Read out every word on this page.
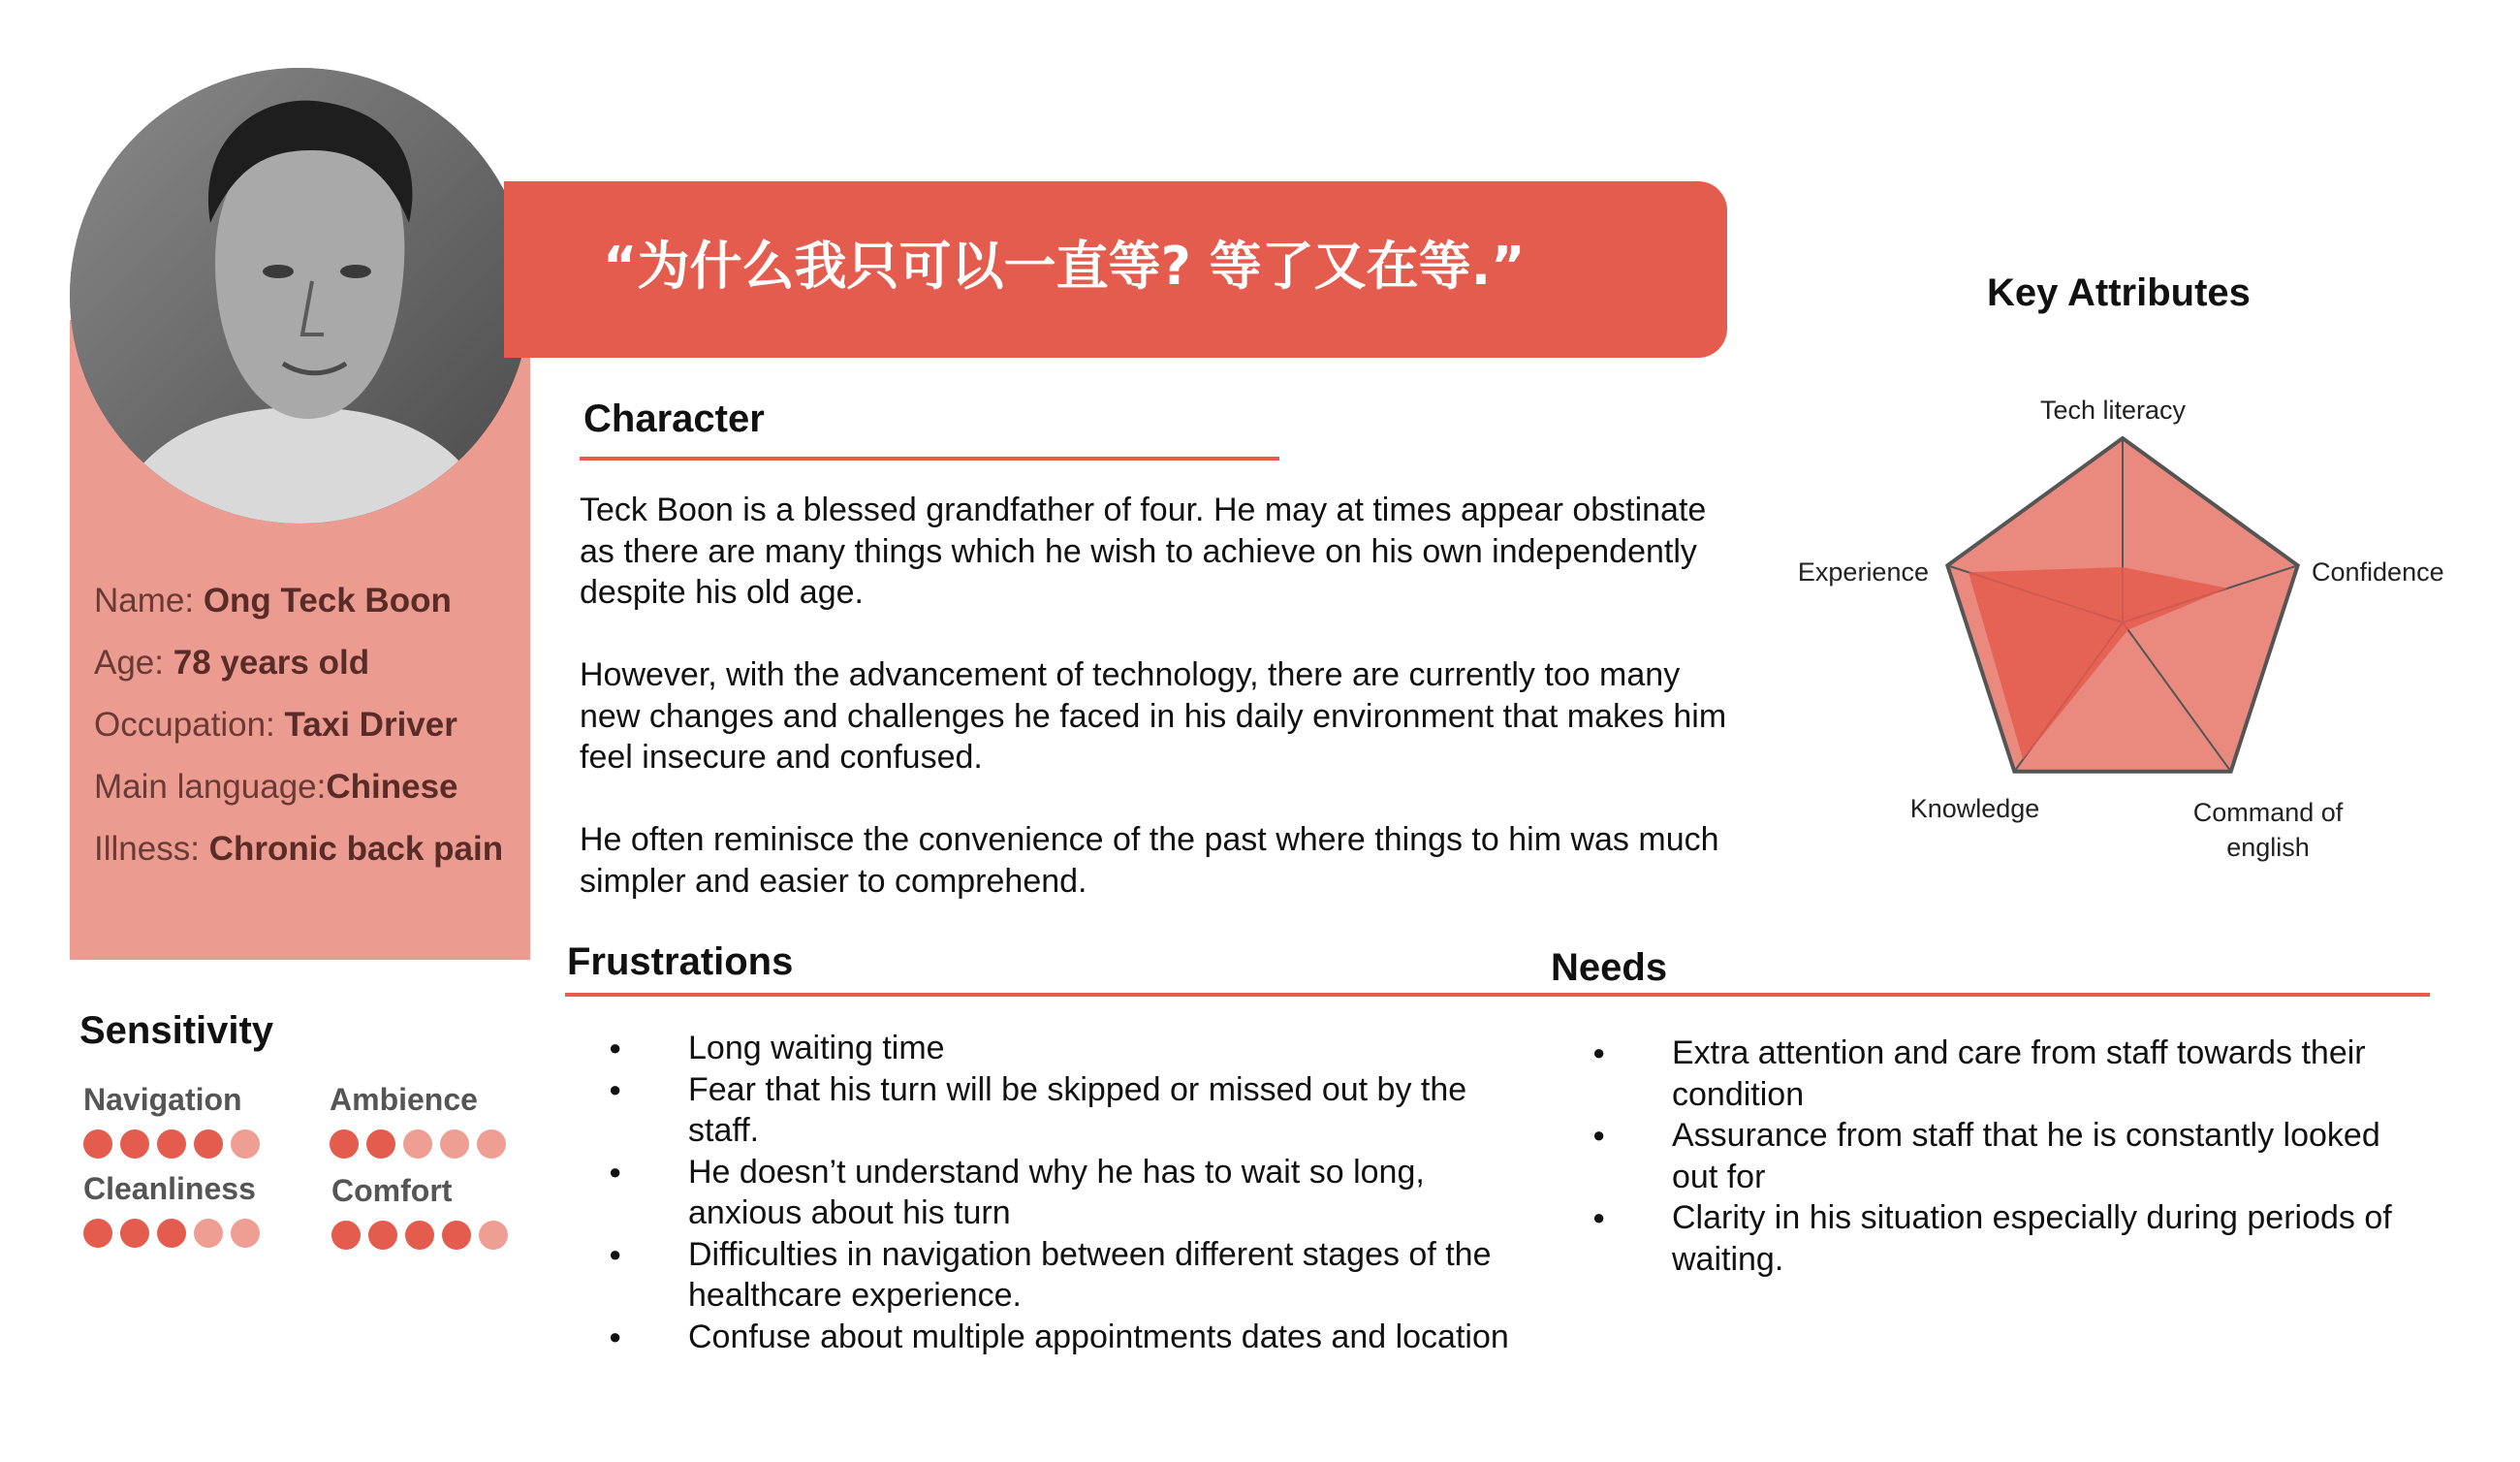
Name: Ong Teck Boon
Age: 78 years old
Occupation: Taxi Driver
Main language:Chinese
Illness: Chronic back pain
“为什么我只可以一直等? 等了又在等.”
Character

Teck Boon is a blessed grandfather of four. He may at times appear obstinate as there are many things which he wish to achieve on his own independently despite his old age.

However, with the advancement of technology, there are currently too many new changes and challenges he faced in his daily environment that makes him feel insecure and confused.

He often reminisce the convenience of the past where things to him was much simpler and easier to comprehend.

Frustrations	Needs
● Long waiting time
● Fear that his turn will be skipped or missed out by the staff.
● He doesn’t understand why he has to wait so long, anxious about his turn
● Difficulties in navigation between different stages of the healthcare experience.
● Confuse about multiple appointments dates and location
● Extra attention and care from staff towards their condition
● Assurance from staff that he is constantly looked out for
● Clarity in his situation especially during periods of waiting.
Sensitivity
Navigation	Ambience
Cleanliness Comfort
Key Attributes
Tech literacy
Confidence
Command of english
Knowledge
Experience
